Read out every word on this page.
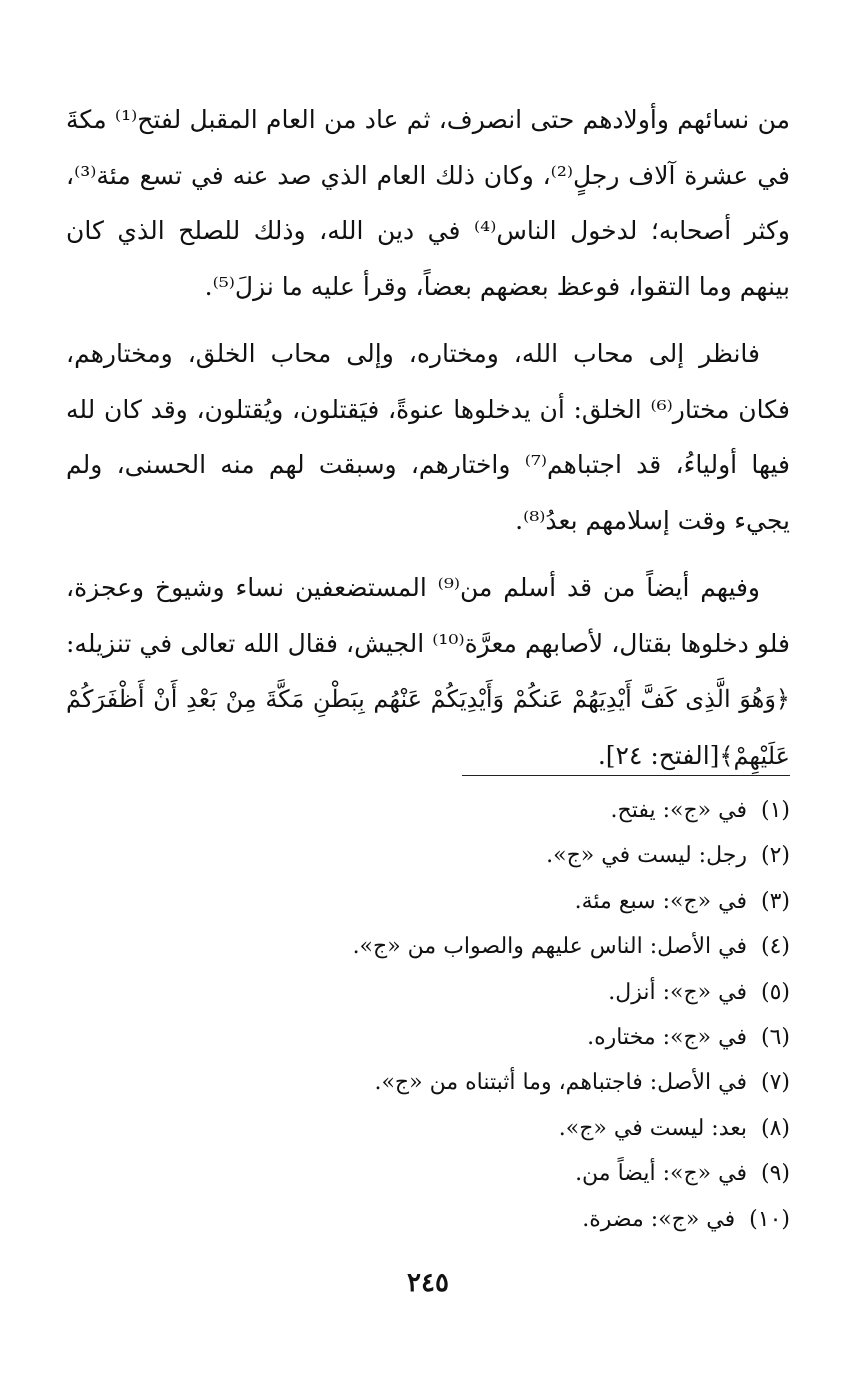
من نسائهم وأولادهم حتى انصرف، ثم عاد من العام المقبل لفتح⁽¹⁾ مكةَ في عشرة آلاف رجلٍ⁽²⁾، وكان ذلك العام الذي صد عنه في تسع مئة⁽³⁾، وكثر أصحابه؛ لدخول الناس⁽⁴⁾ في دين الله، وذلك للصلح الذي كان بينهم وما التقوا، فوعظ بعضهم بعضاً، وقرأ عليه ما نزلَ⁽⁵⁾.

فانظر إلى محاب الله، ومختاره، وإلى محاب الخلق، ومختارهم، فكان مختار⁽⁶⁾ الخلق: أن يدخلوها عنوةً، فيَقتلون، ويُقتلون، وقد كان لله فيها أولياءُ، قد اجتباهم⁽⁷⁾ واختارهم، وسبقت لهم منه الحسنى، ولم يجيء وقت إسلامهم بعدُ⁽⁸⁾.

وفيهم أيضاً من قد أسلم من⁽⁹⁾ المستضعفين نساء وشيوخ وعجزة، فلو دخلوها بقتال، لأصابهم معرَّة⁽¹⁰⁾ الجيش، فقال الله تعالى في تنزيله: ﴿وَهُوَ الَّذِى كَفَّ أَيْدِيَهُمْ عَنكُمْ وَأَيْدِيَكُمْ عَنْهُم بِبَطْنِ مَكَّةَ مِنْ بَعْدِ أَنْ أَظْفَرَكُمْ عَلَيْهِمْ﴾[الفتح: ٢٤].

(١)في «ج»: يفتح.
(٢)رجل: ليست في «ج».
(٣)في «ج»: سبع مئة.
(٤)في الأصل: الناس عليهم والصواب من «ج».
(٥)في «ج»: أنزل.
(٦)في «ج»: مختاره.
(٧)في الأصل: فاجتباهم، وما أثبتناه من «ج».
(٨)بعد: ليست في «ج».
(٩)في «ج»: أيضاً من.
(١٠)في «ج»: مضرة.
٢٤٥
